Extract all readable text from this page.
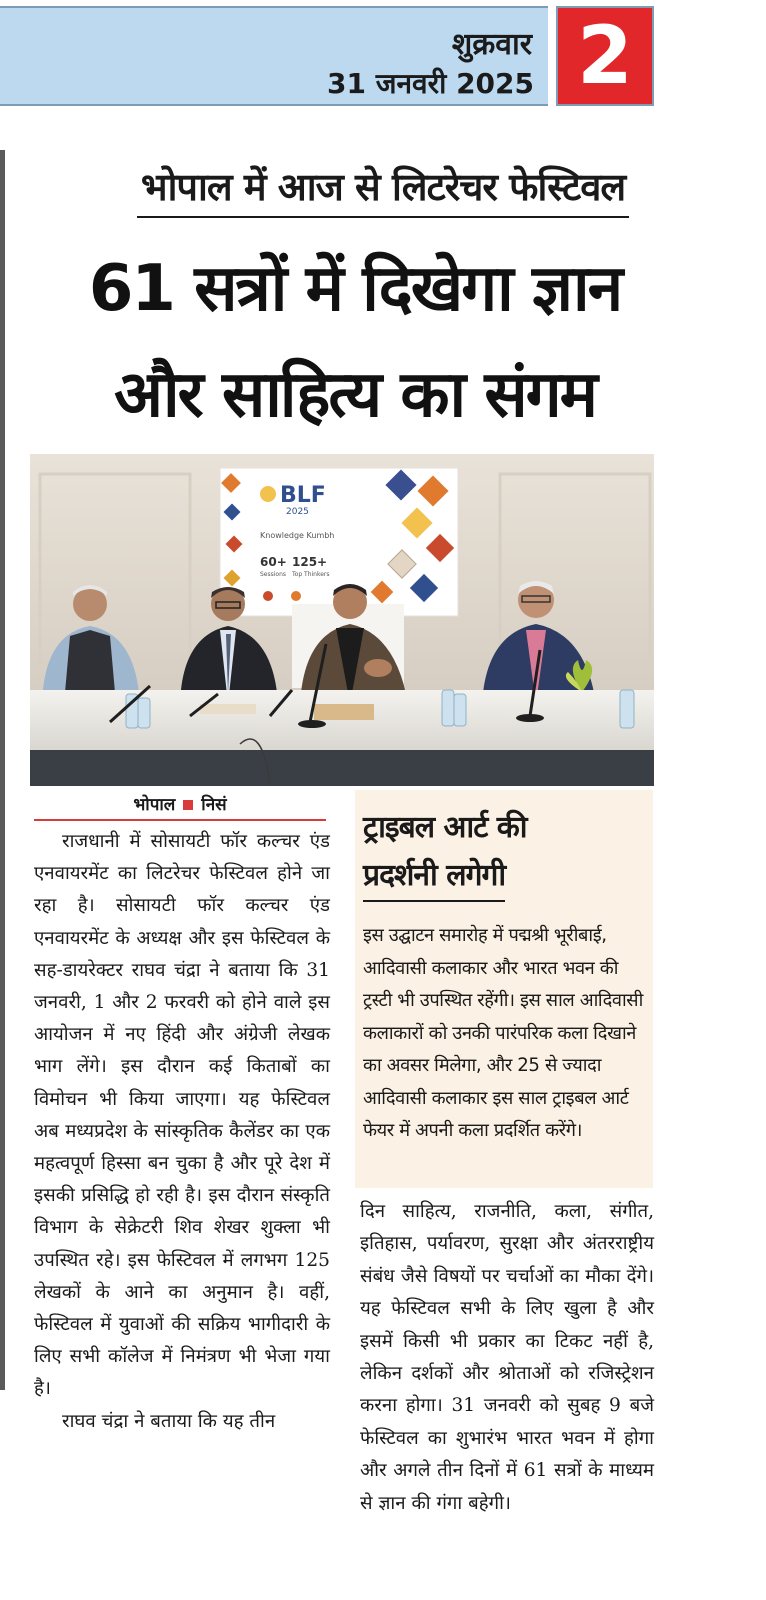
शुक्रवार
31 जनवरी 2025 2
भोपाल में आज से लिटरेचर फेस्टिवल
61 सत्रों में दिखेगा ज्ञान
और साहित्य का संगम
BLF
2025
Knowledge Kumbh
60+
Sessions
125+
Top Thinkers
भोपाल निसं

राजधानी में सोसायटी फॉर कल्चर एंड एनवायरमेंट का लिटरेचर फेस्टिवल होने जा रहा है। सोसायटी फॉर कल्चर एंड एनवायरमेंट के अध्यक्ष और इस फेस्टिवल के सह-डायरेक्टर राघव चंद्रा ने बताया कि 31 जनवरी, 1 और 2 फरवरी को होने वाले इस आयोजन में नए हिंदी और अंग्रेजी लेखक भाग लेंगे। इस दौरान कई किताबों का विमोचन भी किया जाएगा। यह फेस्टिवल अब मध्यप्रदेश के सांस्कृतिक कैलेंडर का एक महत्वपूर्ण हिस्सा बन चुका है और पूरे देश में इसकी प्रसिद्धि हो रही है। इस दौरान संस्कृति विभाग के सेक्रेटरी शिव शेखर शुक्ला भी उपस्थित रहे। इस फेस्टिवल में लगभग 125 लेखकों के आने का अनुमान है। वहीं, फेस्टिवल में युवाओं की सक्रिय भागीदारी के लिए सभी कॉलेज में निमंत्रण भी भेजा गया है।

राघव चंद्रा ने बताया कि यह तीन

ट्राइबल आर्ट की
प्रदर्शनी लगेगी
इस उद्घाटन समारोह में पद्मश्री भूरीबाई, आदिवासी कलाकार और भारत भवन की ट्रस्टी भी उपस्थित रहेंगी। इस साल आदिवासी कलाकारों को उनकी पारंपरिक कला दिखाने का अवसर मिलेगा, और 25 से ज्यादा आदिवासी कलाकार इस साल ट्राइबल आर्ट फेयर में अपनी कला प्रदर्शित करेंगे।
दिन साहित्य, राजनीति, कला, संगीत, इतिहास, पर्यावरण, सुरक्षा और अंतरराष्ट्रीय संबंध जैसे विषयों पर चर्चाओं का मौका देंगे। यह फेस्टिवल सभी के लिए खुला है और इसमें किसी भी प्रकार का टिकट नहीं है, लेकिन दर्शकों और श्रोताओं को रजिस्ट्रेशन करना होगा। 31 जनवरी को सुबह 9 बजे फेस्टिवल का शुभारंभ भारत भवन में होगा और अगले तीन दिनों में 61 सत्रों के माध्यम से ज्ञान की गंगा बहेगी।
